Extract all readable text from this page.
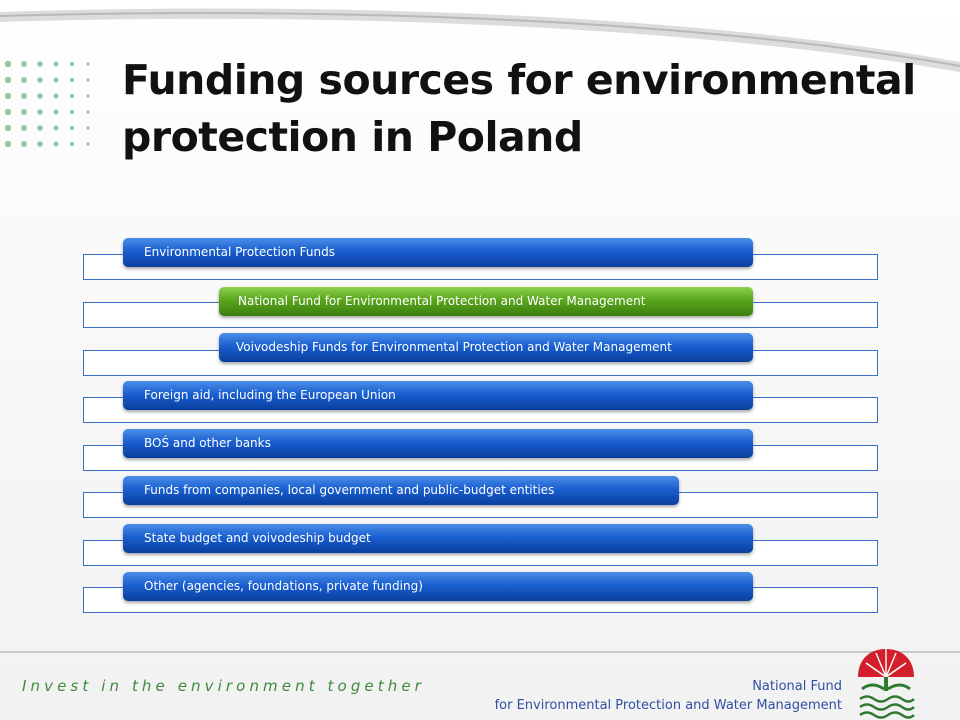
Funding sources for environmental
protection in Poland
Environmental Protection Funds
National Fund for Environmental Protection and Water Management
Voivodeship Funds for Environmental Protection and Water Management
Foreign aid, including the European Union
BOŚ and other banks
Funds from companies, local government and public-budget entities
State budget and voivodeship budget
Other (agencies, foundations, private funding)
Invest in the environment together	National Fund
for Environmental Protection and Water Management
